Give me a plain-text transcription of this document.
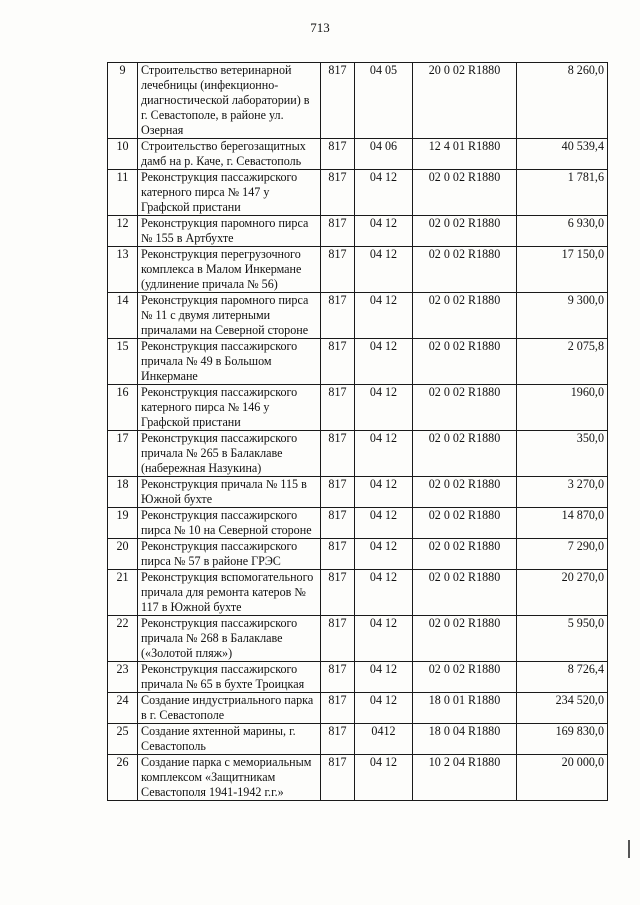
713
9	Строительство ветеринарной лечебницы (инфекционно-диагностической лаборатории) в г. Севастополе, в районе ул. Озерная	817	04 05	20 0 02 R1880	8 260,0
10	Строительство берегозащитных дамб на р. Каче, г. Севастополь	817	04 06	12 4 01 R1880	40 539,4
11	Реконструкция пассажирского катерного пирса № 147 у Графской пристани	817	04 12	02 0 02 R1880	1 781,6
12	Реконструкция паромного пирса № 155 в Артбухте	817	04 12	02 0 02 R1880	6 930,0
13	Реконструкция перегрузочного комплекса в Малом Инкермане (удлинение причала № 56)	817	04 12	02 0 02 R1880	17 150,0
14	Реконструкция паромного пирса № 11 с двумя литерными причалами на Северной стороне	817	04 12	02 0 02 R1880	9 300,0
15	Реконструкция пассажирского причала № 49 в Большом Инкермане	817	04 12	02 0 02 R1880	2 075,8
16	Реконструкция пассажирского катерного пирса № 146 у Графской пристани	817	04 12	02 0 02 R1880	1960,0
17	Реконструкция пассажирского причала № 265 в Балаклаве (набережная Назукина)	817	04 12	02 0 02 R1880	350,0
18	Реконструкция причала № 115 в Южной бухте	817	04 12	02 0 02 R1880	3 270,0
19	Реконструкция пассажирского пирса № 10 на Северной стороне	817	04 12	02 0 02 R1880	14 870,0
20	Реконструкция пассажирского пирса № 57 в районе ГРЭС	817	04 12	02 0 02 R1880	7 290,0
21	Реконструкция вспомогательного причала для ремонта катеров № 117 в Южной бухте	817	04 12	02 0 02 R1880	20 270,0
22	Реконструкция пассажирского причала № 268 в Балаклаве («Золотой пляж»)	817	04 12	02 0 02 R1880	5 950,0
23	Реконструкция пассажирского причала № 65 в бухте Троицкая	817	04 12	02 0 02 R1880	8 726,4
24	Создание индустриального парка в г. Севастополе	817	04 12	18 0 01 R1880	234 520,0
25	Создание яхтенной марины, г. Севастополь	817	0412	18 0 04 R1880	169 830,0
26	Создание парка с мемориальным комплексом «Защитникам Севастополя 1941-1942 г.г.»	817	04 12	10 2 04 R1880	20 000,0
